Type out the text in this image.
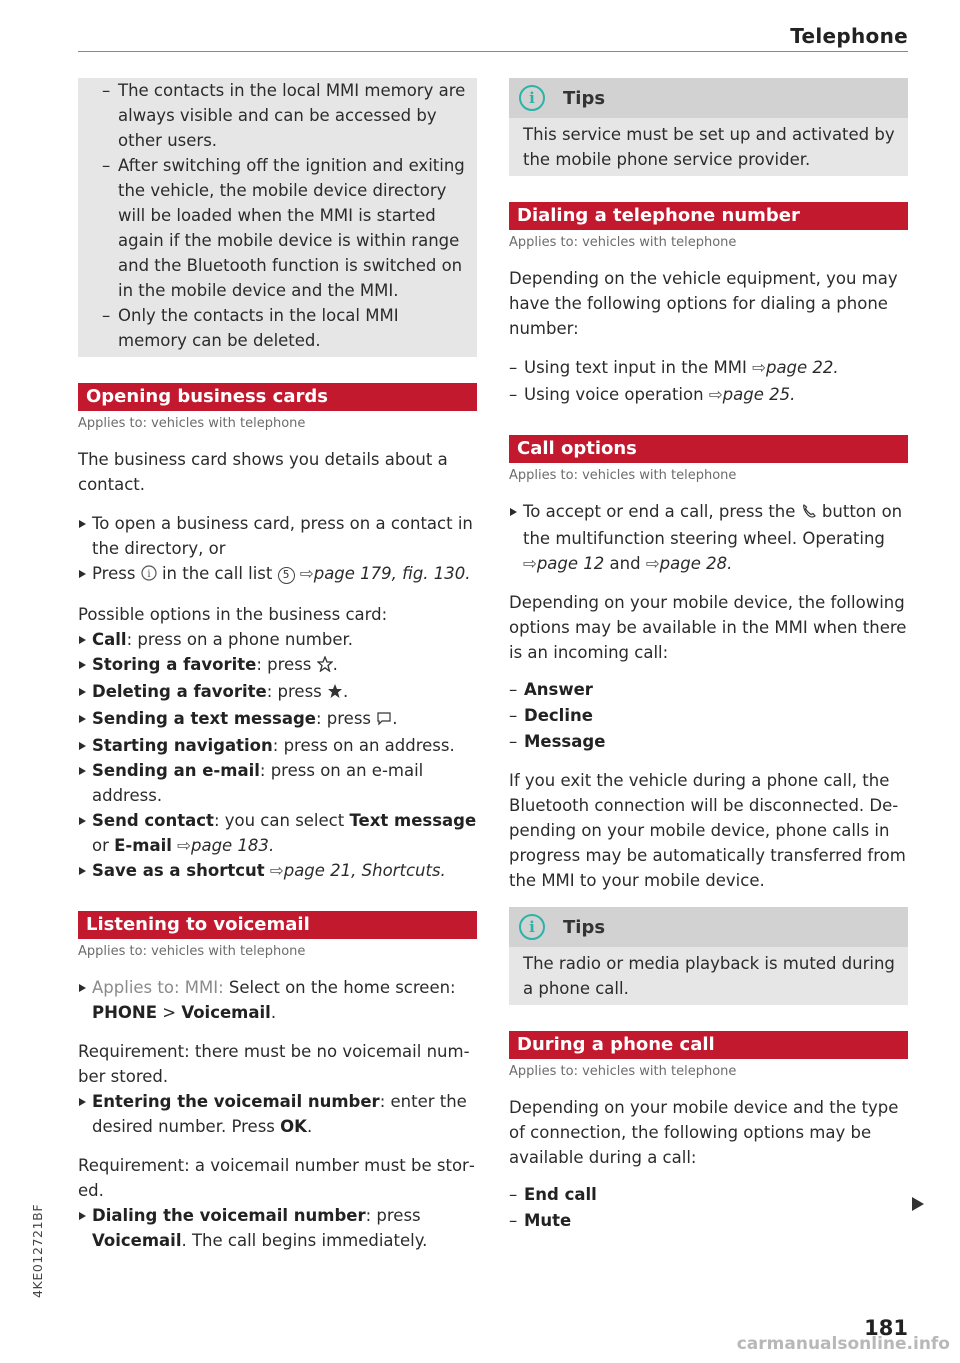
Telephone
– The contacts in the local MMI memory are always visible and can be accessed by other users.
– After switching off the ignition and exiting the vehicle, the mobile device directory will be loaded when the MMI is started again if the mobile device is within range and the Bluetooth function is switched on in the mobile device and the MMI.
– Only the contacts in the local MMI memory can be deleted.
Opening business cards
Applies to: vehicles with telephone

The business card shows you details about a contact.

To open a business card, press on a contact in the directory, or

Press i in the call list 5 ⇨page 179, fig. 130.

Possible options in the business card:

Call: press on a phone number.
Storing a favorite: press .
Deleting a favorite: press .
Sending a text message: press .
Starting navigation: press on an address.
Sending an e-mail: press on an e-mail address.
Send contact: you can select Text message or E-mail ⇨page 183.
Save as a shortcut ⇨page 21, Shortcuts.
Listening to voicemail
Applies to: vehicles with telephone

Applies to: MMI: Select on the home screen: PHONE > Voicemail.

Requirement: there must be no voicemail number stored.

Entering the voicemail number: enter the desired number. Press OK.

Requirement: a voicemail number must be stored.

Dialing the voicemail number: press Voicemail. The call begins immediately.
i	Tips
This service must be set up and activated by the mobile phone service provider.
Dialing a telephone number
Applies to: vehicles with telephone

Depending on the vehicle equipment, you may have the following options for dialing a phone number:

– Using text input in the MMI ⇨page 22.

– Using voice operation ⇨page 25.
Call options
Applies to: vehicles with telephone

To accept or end a call, press the button on the multifunction steering wheel. Operating ⇨page 12 and ⇨page 28.

Depending on your mobile device, the following options may be available in the MMI when there is an incoming call:

– Answer

– Decline
– Message

If you exit the vehicle during a phone call, the Bluetooth connection will be disconnected. Depending on your mobile device, phone calls in progress may be automatically transferred from the MMI to your mobile device.

i	Tips
The radio or media playback is muted during a phone call.
During a phone call
Applies to: vehicles with telephone

Depending on your mobile device and the type of connection, the following options may be available during a call:

– End call

– Mute
181
4KE012721BF
carmanualsonline.info
